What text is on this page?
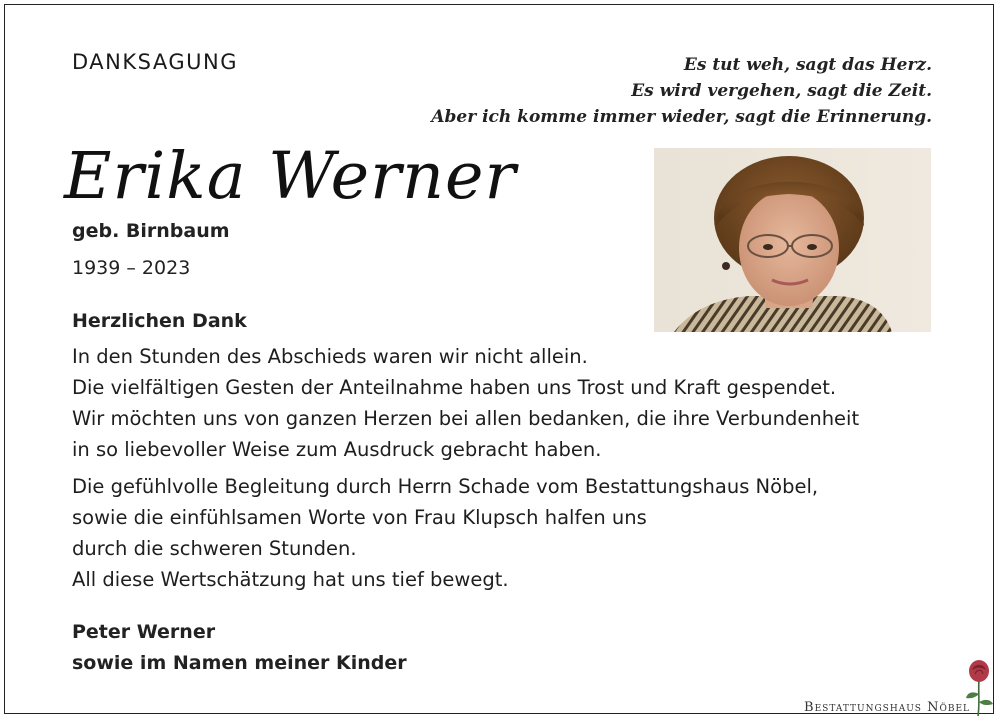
DANKSAGUNG	Es tut weh, sagt das Herz.
Es wird vergehen, sagt die Zeit.
Aber ich komme immer wieder, sagt die Erinnerung.
Erika Werner
geb. Birnbaum
1939 – 2023
Herzlichen Dank
In den Stunden des Abschieds waren wir nicht allein.
Die vielfältigen Gesten der Anteilnahme haben uns Trost und Kraft gespendet.
Wir möchten uns von ganzen Herzen bei allen bedanken, die ihre Verbundenheit
in so liebevoller Weise zum Ausdruck gebracht haben.
Die gefühlvolle Begleitung durch Herrn Schade vom Bestattungshaus Nöbel,
sowie die einfühlsamen Worte von Frau Klupsch halfen uns
durch die schweren Stunden.
All diese Wertschätzung hat uns tief bewegt.
Peter Werner
sowie im Namen meiner Kinder
Bestattungshaus Nöbel
